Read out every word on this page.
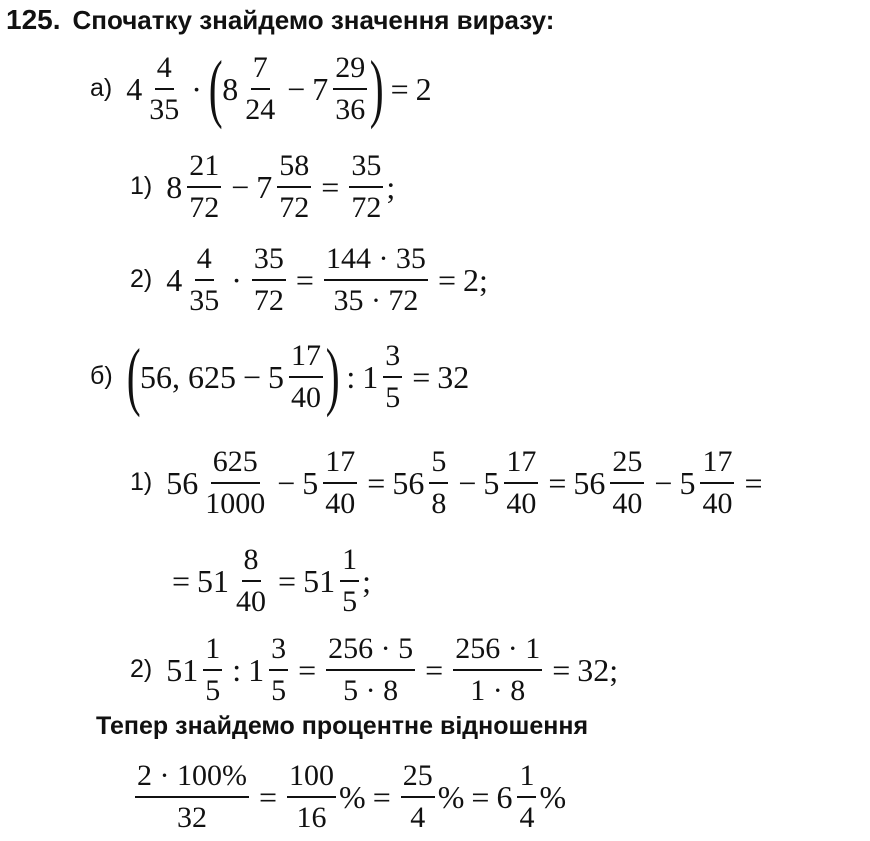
125. Спочатку знайдемо значення виразу:
а) $4 \frac{4}{35}$ · ( $8 \frac{7}{24} - 7 \frac{29}{36}$ ) = 2
1) $8 \frac{21}{72} - 7 \frac{58}{72} = \frac{35}{72}$ ;
2) $4 \frac{4}{35} \cdot \frac{35}{72} = \frac{144 \cdot 35}{35 \cdot 72} = 2$;
б) ( 56, $625 - 5 \frac{17}{40}$ ) : $1 \frac{3}{5} = 32$
1) $56 \frac{625}{1000} - 5 \frac{17}{40} = 56 \frac{5}{8} - 5 \frac{17}{40} = 56 \frac{25}{40} - 5 \frac{17}{40}$ =
= $51 \frac{8}{40} = 51 \frac{1}{5}$ ;
2) $51 \frac{1}{5}$ : $1 \frac{3}{5} = \frac{256 \cdot 5}{5 \cdot 8} = \frac{256 \cdot 1}{1 \cdot 8} = 32$;
Тепер знайдемо процентне відношення
$\frac{2 \cdot 100\%}{32} = \frac{100}{16}$ % = $\frac{25}{4}$ % = $6 \frac{1}{4}$ %
